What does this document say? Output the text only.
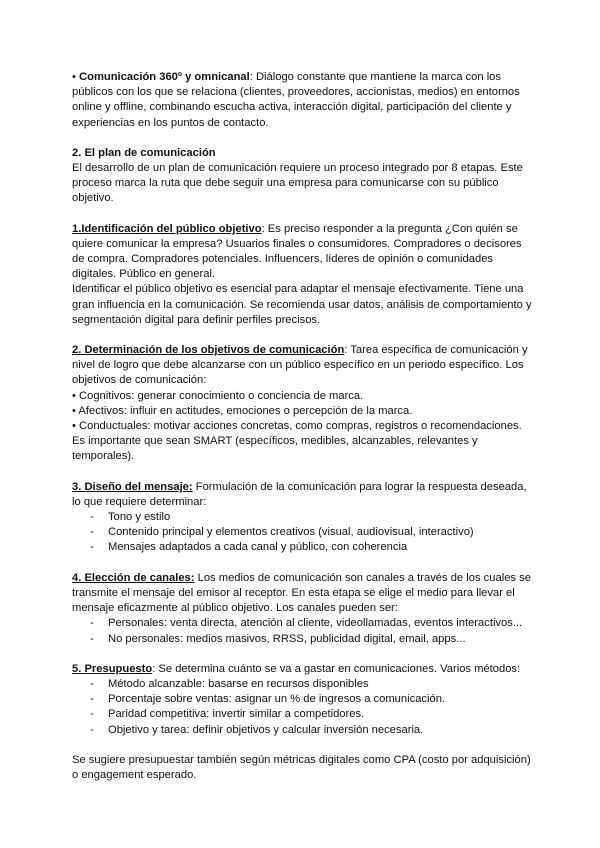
• Comunicación 360º y omnicanal: Diálogo constante que mantiene la marca con los públicos con los que se relaciona (clientes, proveedores, accionistas, medios) en entornos online y offline, combinando escucha activa, interacción digital, participación del cliente y experiencias en los puntos de contacto.

2. El plan de comunicación

El desarrollo de un plan de comunicación requiere un proceso integrado por 8 etapas. Este proceso marca la ruta que debe seguir una empresa para comunicarse con su público objetivo.

1.Identificación del público objetivo: Es preciso responder a la pregunta ¿Con quién se quiere comunicar la empresa? Usuarios finales o consumidores. Compradores o decisores de compra. Compradores potenciales. Influencers, líderes de opinión o comunidades digitales. Público en general.

Identificar el público objetivo es esencial para adaptar el mensaje efectivamente. Tiene una gran influencia en la comunicación. Se recomienda usar datos, análisis de comportamiento y segmentación digital para definir perfiles precisos.

2. Determinación de los objetivos de comunicación: Tarea específica de comunicación y nivel de logro que debe alcanzarse con un público específico en un periodo específico. Los objetivos de comunicación:

• Cognitivos: generar conocimiento o conciencia de marca.

• Afectivos: influir en actitudes, emociones o percepción de la marca.

• Conductuales: motivar acciones concretas, como compras, registros o recomendaciones.

Es importante que sean SMART (específicos, medibles, alcanzables, relevantes y temporales).

3. Diseño del mensaje: Formulación de la comunicación para lograr la respuesta deseada, lo que requiere determinar:

- Tono y estilo

- Contenido principal y elementos creativos (visual, audiovisual, interactivo)

- Mensajes adaptados a cada canal y público, con coherencia

4. Elección de canales: Los medios de comunicación son canales a través de los cuales se transmite el mensaje del emisor al receptor. En esta etapa se elige el medio para llevar el mensaje eficazmente al público objetivo. Los canales pueden ser:

- Personales: venta directa, atención al cliente, videollamadas, eventos interactivos...

- No personales: medios masivos, RRSS, publicidad digital, email, apps...

5. Presupuesto: Se determina cuánto se va a gastar en comunicaciones. Varios métodos:

- Método alcanzable: basarse en recursos disponibles

- Porcentaje sobre ventas: asignar un % de ingresos a comunicación.

- Paridad competitiva: invertir similar a competidores.

- Objetivo y tarea: definir objetivos y calcular inversión necesaria.

Se sugiere presupuestar también según métricas digitales como CPA (costo por adquisición) o engagement esperado.
